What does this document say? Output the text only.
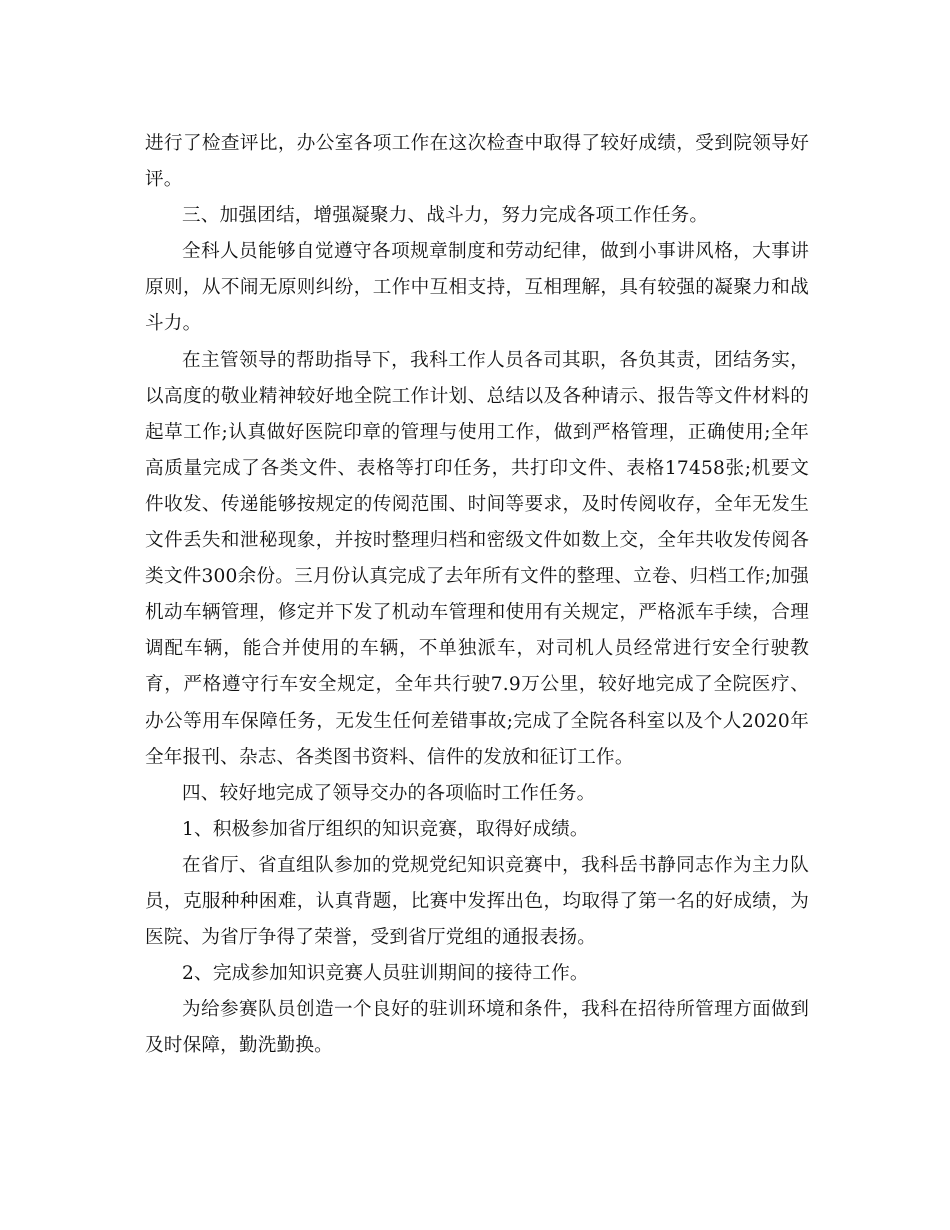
进行了检查评比，办公室各项工作在这次检查中取得了较好成绩，受到院领导好评。

三、加强团结，增强凝聚力、战斗力，努力完成各项工作任务。

全科人员能够自觉遵守各项规章制度和劳动纪律，做到小事讲风格，大事讲原则，从不闹无原则纠纷，工作中互相支持，互相理解，具有较强的凝聚力和战斗力。

在主管领导的帮助指导下，我科工作人员各司其职，各负其责，团结务实，以高度的敬业精神较好地全院工作计划、总结以及各种请示、报告等文件材料的起草工作;认真做好医院印章的管理与使用工作，做到严格管理，正确使用;全年高质量完成了各类文件、表格等打印任务，共打印文件、表格17458张;机要文件收发、传递能够按规定的传阅范围、时间等要求，及时传阅收存，全年无发生文件丢失和泄秘现象，并按时整理归档和密级文件如数上交，全年共收发传阅各类文件300余份。三月份认真完成了去年所有文件的整理、立卷、归档工作;加强机动车辆管理，修定并下发了机动车管理和使用有关规定，严格派车手续，合理调配车辆，能合并使用的车辆，不单独派车，对司机人员经常进行安全行驶教育，严格遵守行车安全规定，全年共行驶7.9万公里，较好地完成了全院医疗、办公等用车保障任务，无发生任何差错事故;完成了全院各科室以及个人2020年全年报刊、杂志、各类图书资料、信件的发放和征订工作。

四、较好地完成了领导交办的各项临时工作任务。

1、积极参加省厅组织的知识竞赛，取得好成绩。

在省厅、省直组队参加的党规党纪知识竞赛中，我科岳书静同志作为主力队员，克服种种困难，认真背题，比赛中发挥出色，均取得了第一名的好成绩，为医院、为省厅争得了荣誉，受到省厅党组的通报表扬。

2、完成参加知识竞赛人员驻训期间的接待工作。

为给参赛队员创造一个良好的驻训环境和条件，我科在招待所管理方面做到及时保障，勤洗勤换。
